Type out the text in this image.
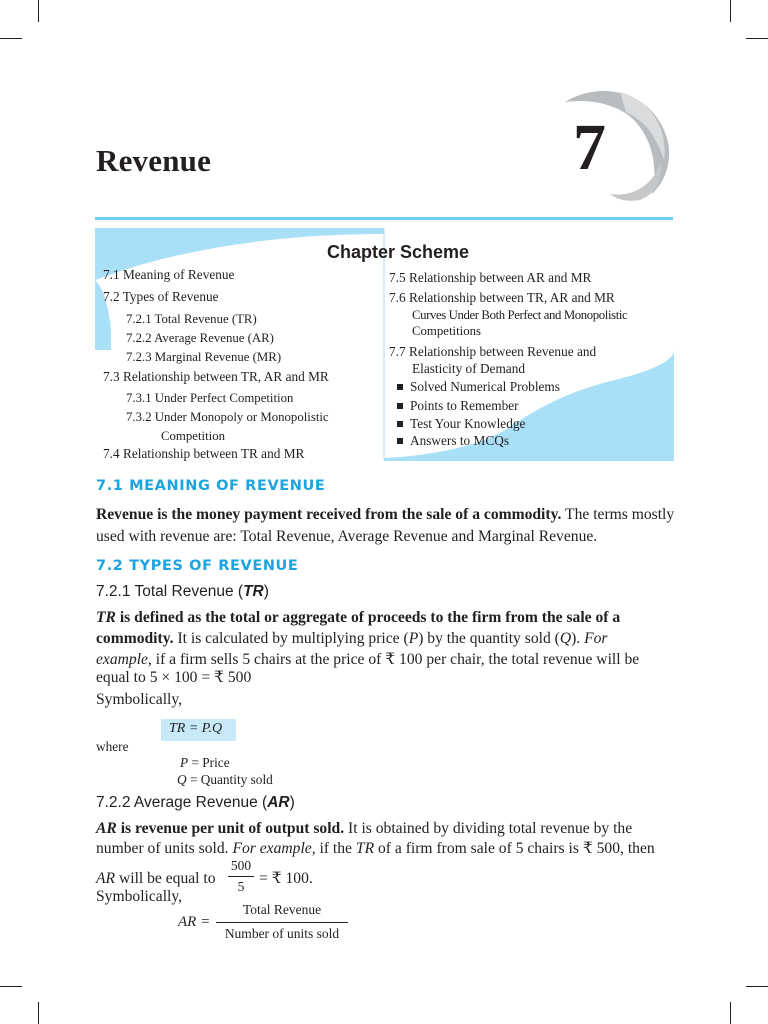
Revenue	7
Chapter Scheme
7.1 Meaning of Revenue
7.2 Types of Revenue
7.2.1 Total Revenue (TR)
7.2.2 Average Revenue (AR)
7.2.3 Marginal Revenue (MR)
7.3 Relationship between TR, AR and MR
7.3.1 Under Perfect Competition
7.3.2 Under Monopoly or Monopolistic
Competition
7.4 Relationship between TR and MR
7.5 Relationship between AR and MR
7.6 Relationship between TR, AR and MR
Curves Under Both Perfect and Monopolistic
Competitions
7.7 Relationship between Revenue and
Elasticity of Demand
Solved Numerical Problems
Points to Remember
Test Your Knowledge
Answers to MCQs
7.1 MEANING OF REVENUE
Revenue is the money payment received from the sale of a commodity. The terms mostly
used with revenue are: Total Revenue, Average Revenue and Marginal Revenue.
7.2 TYPES OF REVENUE
7.2.1 Total Revenue (TR)
TR is defined as the total or aggregate of proceeds to the firm from the sale of a
commodity. It is calculated by multiplying price (P) by the quantity sold (Q). For
example, if a firm sells 5 chairs at the price of ₹ 100 per chair, the total revenue will be
equal to 5 × 100 = ₹ 500
Symbolically,
TR = P.Q
where
P = Price
Q = Quantity sold
7.2.2 Average Revenue (AR)
AR is revenue per unit of output sold. It is obtained by dividing total revenue by the
number of units sold. For example, if the TR of a firm from sale of 5 chairs is ₹ 500, then
AR will be equal to
500
5 = ₹ 100.
Symbolically,
AR =
Total Revenue
Number of units sold
